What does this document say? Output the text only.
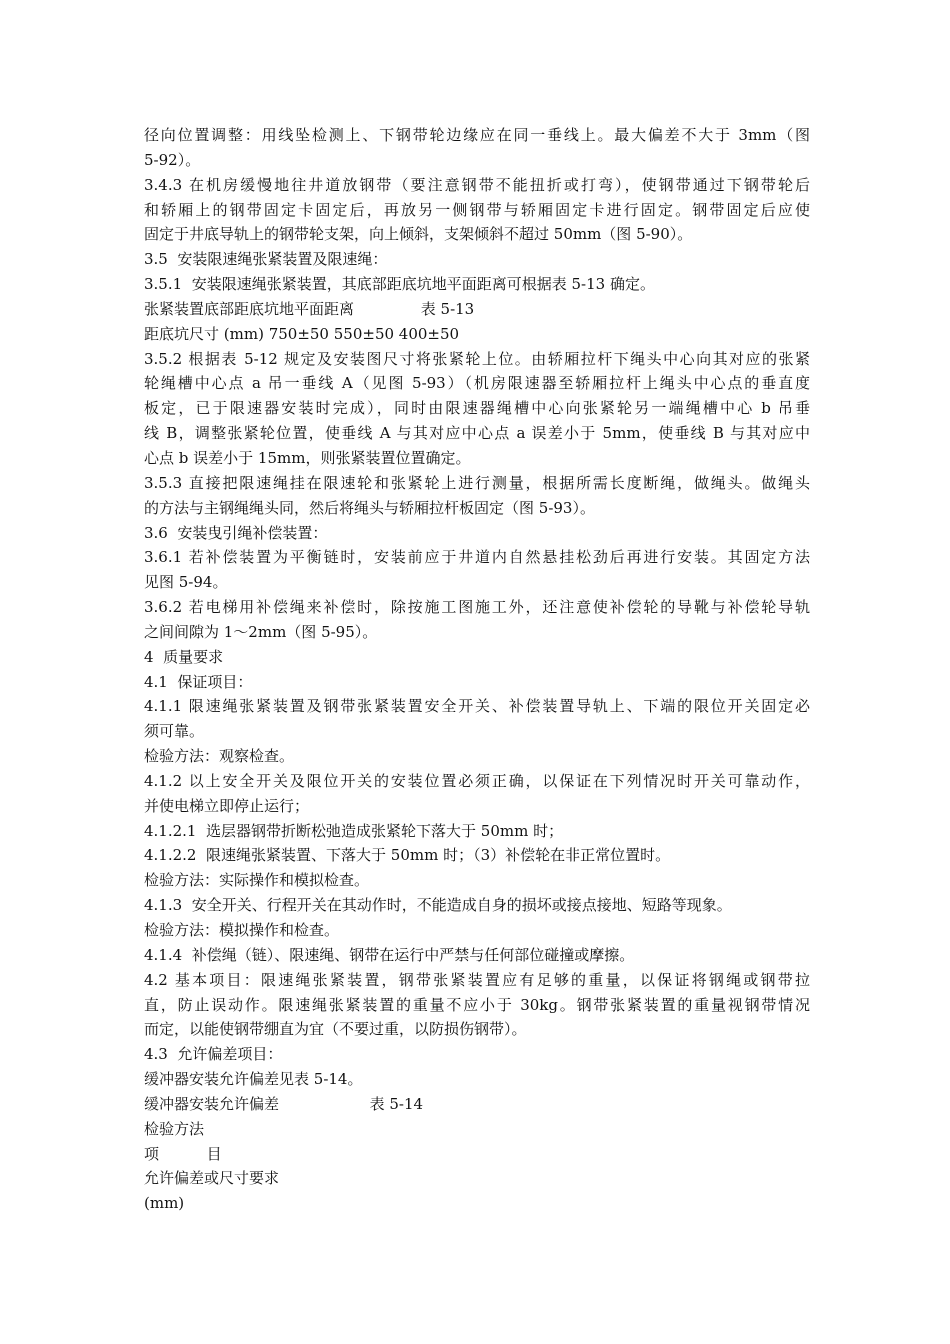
径向位置调整：用线坠检测上、下钢带轮边缘应在同一垂线上。最大偏差不大于 3mm（图

5-92）。

3.4.3 在机房缓慢地往井道放钢带（要注意钢带不能扭折或打弯），使钢带通过下钢带轮后

和轿厢上的钢带固定卡固定后，再放另一侧钢带与轿厢固定卡进行固定。钢带固定后应使

固定于井底导轨上的钢带轮支架，向上倾斜，支架倾斜不超过 50mm（图 5-90）。

3.5  安装限速绳张紧装置及限速绳：

3.5.1  安装限速绳张紧装置，其底部距底坑地平面距离可根据表 5-13 确定。

张紧装置底部距底坑地平面距离              表 5-13

距底坑尺寸 (mm) 750±50 550±50 400±50

3.5.2 根据表 5-12 规定及安装图尺寸将张紧轮上位。由轿厢拉杆下绳头中心向其对应的张紧

轮绳槽中心点 a 吊一垂线 A（见图 5-93）（机房限速器至轿厢拉杆上绳头中心点的垂直度

板定，已于限速器安装时完成），同时由限速器绳槽中心向张紧轮另一端绳槽中心 b 吊垂

线 B，调整张紧轮位置，使垂线 A 与其对应中心点 a 误差小于 5mm，使垂线 B 与其对应中

心点 b 误差小于 15mm，则张紧装置位置确定。

3.5.3 直接把限速绳挂在限速轮和张紧轮上进行测量，根据所需长度断绳，做绳头。做绳头

的方法与主钢绳绳头同，然后将绳头与轿厢拉杆板固定（图 5-93）。

3.6  安装曳引绳补偿装置：

3.6.1 若补偿装置为平衡链时，安装前应于井道内自然悬挂松劲后再进行安装。其固定方法

见图 5-94。

3.6.2 若电梯用补偿绳来补偿时，除按施工图施工外，还注意使补偿轮的导靴与补偿轮导轨

之间间隙为 1～2mm（图 5-95）。

4  质量要求

4.1  保证项目：

4.1.1 限速绳张紧装置及钢带张紧装置安全开关、补偿装置导轨上、下端的限位开关固定必

须可靠。

检验方法：观察检查。

4.1.2 以上安全开关及限位开关的安装位置必须正确，以保证在下列情况时开关可靠动作，

并使电梯立即停止运行；

4.1.2.1  选层器钢带折断松弛造成张紧轮下落大于 50mm 时；

4.1.2.2  限速绳张紧装置、下落大于 50mm 时；（3）补偿轮在非正常位置时。

检验方法：实际操作和模拟检查。

4.1.3  安全开关、行程开关在其动作时，不能造成自身的损坏或接点接地、短路等现象。

检验方法：模拟操作和检查。

4.1.4  补偿绳（链）、限速绳、钢带在运行中严禁与任何部位碰撞或摩擦。

4.2 基本项目：限速绳张紧装置，钢带张紧装置应有足够的重量，以保证将钢绳或钢带拉

直，防止误动作。限速绳张紧装置的重量不应小于 30kg。钢带张紧装置的重量视钢带情况

而定，以能使钢带绷直为宜（不要过重，以防损伤钢带）。

4.3  允许偏差项目：

缓冲器安装允许偏差见表 5-14。

缓冲器安装允许偏差                   表 5-14

检验方法

项          目

允许偏差或尺寸要求

(mm)
